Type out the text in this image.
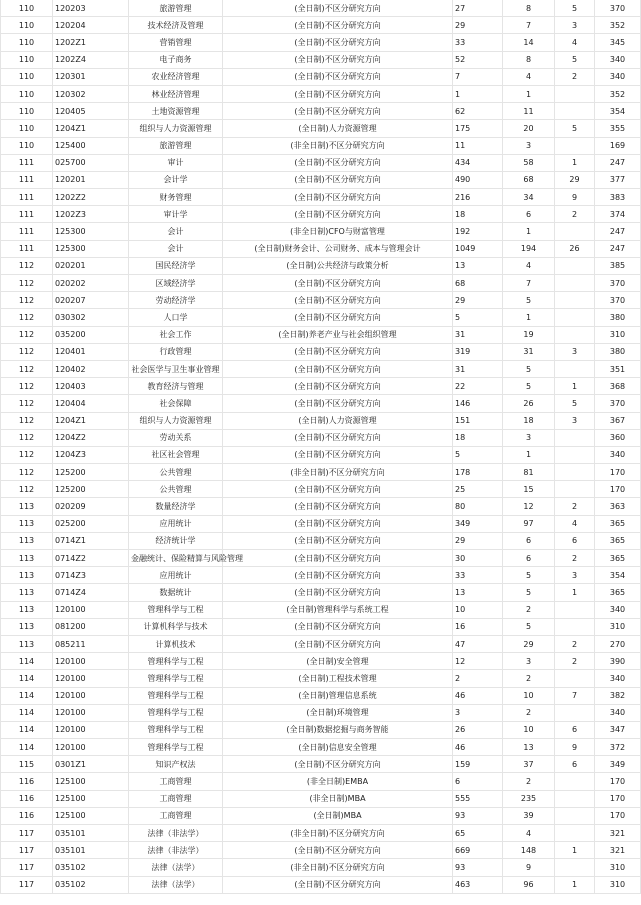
110	120203	旅游管理	(全日制)不区分研究方向	27	8	5	370
110	120204	技术经济及管理	(全日制)不区分研究方向	29	7	3	352
110	1202Z1	营销管理	(全日制)不区分研究方向	33	14	4	345
110	1202Z4	电子商务	(全日制)不区分研究方向	52	8	5	340
110	120301	农业经济管理	(全日制)不区分研究方向	7	4	2	340
110	120302	林业经济管理	(全日制)不区分研究方向	1	1		352
110	120405	土地资源管理	(全日制)不区分研究方向	62	11		354
110	1204Z1	组织与人力资源管理	(全日制)人力资源管理	175	20	5	355
110	125400	旅游管理	(非全日制)不区分研究方向	11	3		169
111	025700	审计	(全日制)不区分研究方向	434	58	1	247
111	120201	会计学	(全日制)不区分研究方向	490	68	29	377
111	1202Z2	财务管理	(全日制)不区分研究方向	216	34	9	383
111	1202Z3	审计学	(全日制)不区分研究方向	18	6	2	374
111	125300	会计	(非全日制)CFO与财富管理	192	1		247
111	125300	会计	(全日制)财务会计、公司财务、成本与管理会计	1049	194	26	247
112	020201	国民经济学	(全日制)公共经济与政策分析	13	4		385
112	020202	区域经济学	(全日制)不区分研究方向	68	7		370
112	020207	劳动经济学	(全日制)不区分研究方向	29	5		370
112	030302	人口学	(全日制)不区分研究方向	5	1		380
112	035200	社会工作	(全日制)养老产业与社会组织管理	31	19		310
112	120401	行政管理	(全日制)不区分研究方向	319	31	3	380
112	120402	社会医学与卫生事业管理	(全日制)不区分研究方向	31	5		351
112	120403	教育经济与管理	(全日制)不区分研究方向	22	5	1	368
112	120404	社会保障	(全日制)不区分研究方向	146	26	5	370
112	1204Z1	组织与人力资源管理	(全日制)人力资源管理	151	18	3	367
112	1204Z2	劳动关系	(全日制)不区分研究方向	18	3		360
112	1204Z3	社区社会管理	(全日制)不区分研究方向	5	1		340
112	125200	公共管理	(非全日制)不区分研究方向	178	81		170
112	125200	公共管理	(全日制)不区分研究方向	25	15		170
113	020209	数量经济学	(全日制)不区分研究方向	80	12	2	363
113	025200	应用统计	(全日制)不区分研究方向	349	97	4	365
113	0714Z1	经济统计学	(全日制)不区分研究方向	29	6	6	365
113	0714Z2	金融统计、保险精算与风险管理	(全日制)不区分研究方向	30	6	2	365
113	0714Z3	应用统计	(全日制)不区分研究方向	33	5	3	354
113	0714Z4	数据统计	(全日制)不区分研究方向	13	5	1	365
113	120100	管理科学与工程	(全日制)管理科学与系统工程	10	2		340
113	081200	计算机科学与技术	(全日制)不区分研究方向	16	5		310
113	085211	计算机技术	(全日制)不区分研究方向	47	29	2	270
114	120100	管理科学与工程	(全日制)安全管理	12	3	2	390
114	120100	管理科学与工程	(全日制)工程技术管理	2	2		340
114	120100	管理科学与工程	(全日制)管理信息系统	46	10	7	382
114	120100	管理科学与工程	(全日制)环境管理	3	2		340
114	120100	管理科学与工程	(全日制)数据挖掘与商务智能	26	10	6	347
114	120100	管理科学与工程	(全日制)信息安全管理	46	13	9	372
115	0301Z1	知识产权法	(全日制)不区分研究方向	159	37	6	349
116	125100	工商管理	(非全日制)EMBA	6	2		170
116	125100	工商管理	(非全日制)MBA	555	235		170
116	125100	工商管理	(全日制)MBA	93	39		170
117	035101	法律（非法学）	(非全日制)不区分研究方向	65	4		321
117	035101	法律（非法学）	(全日制)不区分研究方向	669	148	1	321
117	035102	法律（法学）	(非全日制)不区分研究方向	93	9		310
117	035102	法律（法学）	(全日制)不区分研究方向	463	96	1	310
